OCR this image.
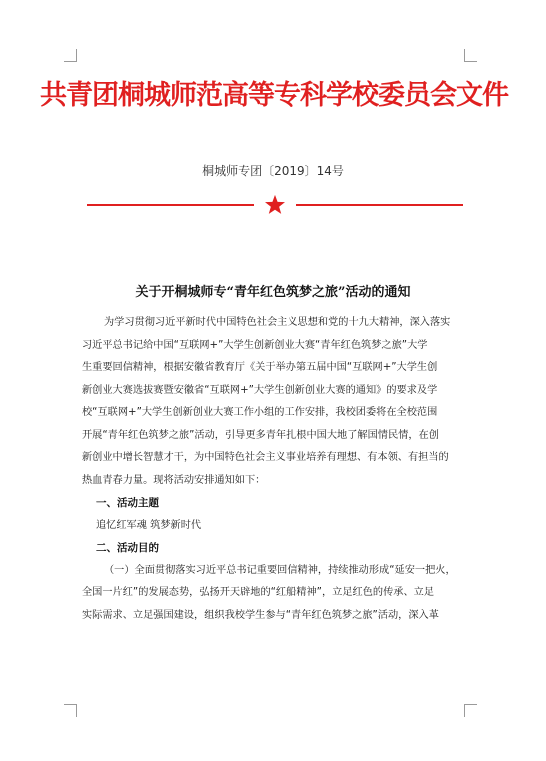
共青团桐城师范高等专科学校委员会文件
桐城师专团〔2019〕14号
关于开桐城师专“青年红色筑梦之旅”活动的通知
为学习贯彻习近平新时代中国特色社会主义思想和党的十九大精神，深入落实
习近平总书记给中国“互联网+”大学生创新创业大赛“青年红色筑梦之旅”大学
生重要回信精神，根据安徽省教育厅《关于举办第五届中国“互联网+”大学生创
新创业大赛选拔赛暨安徽省“互联网+”大学生创新创业大赛的通知》的要求及学
校“互联网+”大学生创新创业大赛工作小组的工作安排，我校团委将在全校范围
开展“青年红色筑梦之旅”活动，引导更多青年扎根中国大地了解国情民情，在创
新创业中增长智慧才干，为中国特色社会主义事业培养有理想、有本领、有担当的
热血青春力量。现将活动安排通知如下：
一、活动主题
追忆红军魂 筑梦新时代
二、活动目的
（一）全面贯彻落实习近平总书记重要回信精神，持续推动形成“延安一把火，
全国一片红”的发展态势，弘扬开天辟地的“红船精神”，立足红色的传承、立足
实际需求、立足强国建设，组织我校学生参与“青年红色筑梦之旅”活动，深入革
